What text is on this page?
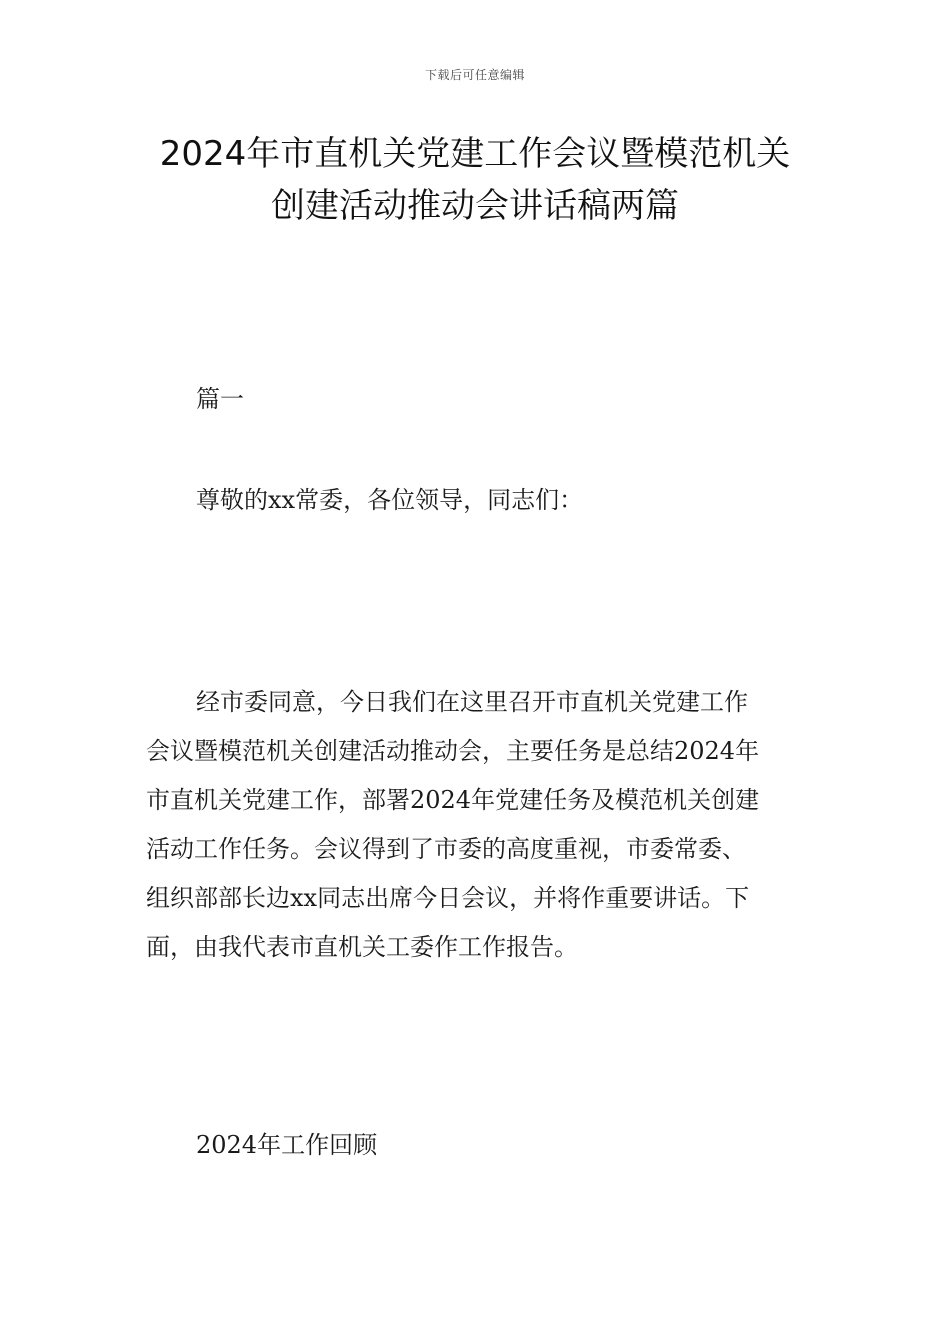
下载后可任意编辑
2024年市直机关党建工作会议暨模范机关
创建活动推动会讲话稿两篇

篇一

尊敬的xx常委，各位领导，同志们：

经市委同意，今日我们在这里召开市直机关党建工作
会议暨模范机关创建活动推动会，主要任务是总结2024年
市直机关党建工作，部署2024年党建任务及模范机关创建
活动工作任务。会议得到了市委的高度重视，市委常委、
组织部部长边xx同志出席今日会议，并将作重要讲话。下
面，由我代表市直机关工委作工作报告。

2024年工作回顾
